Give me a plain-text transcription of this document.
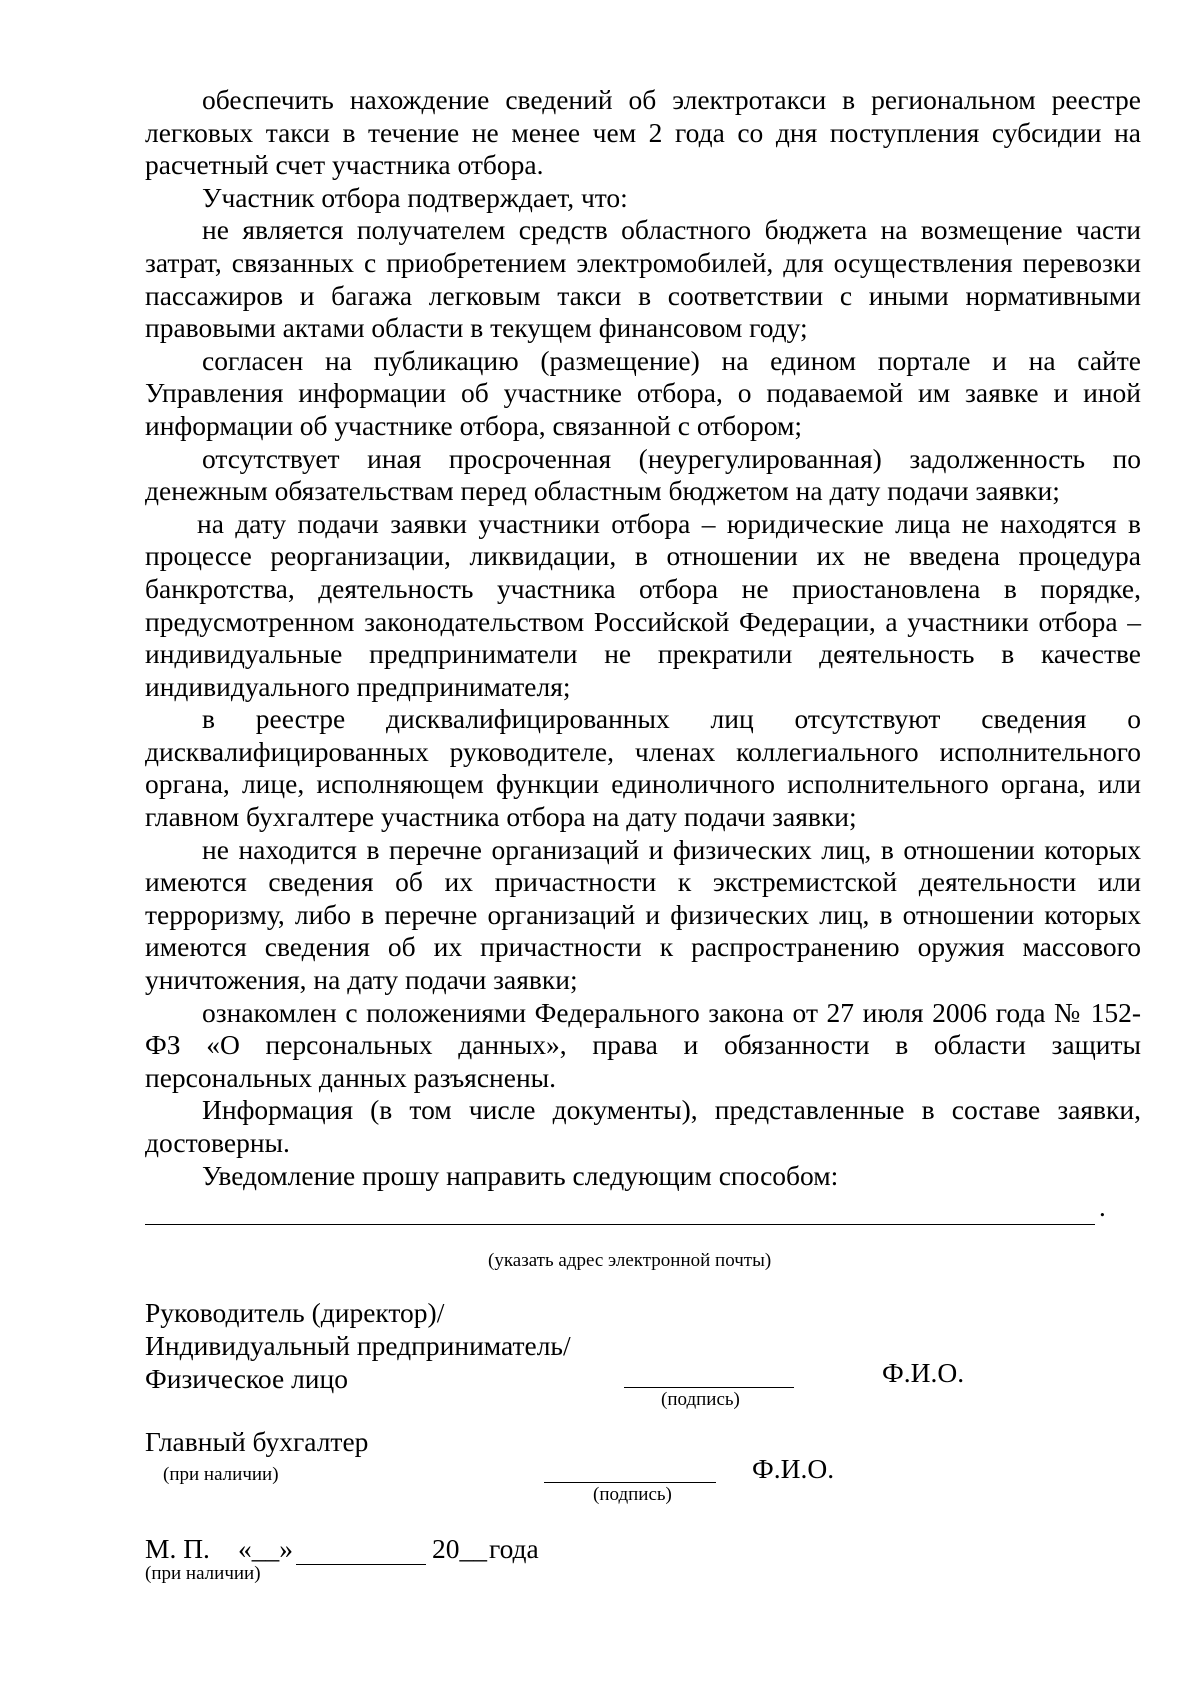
обеспечить нахождение сведений об электротакси в региональном реестре легковых такси в течение не менее чем 2 года со дня поступления субсидии на расчетный счет участника отбора.

Участник отбора подтверждает, что:

не является получателем средств областного бюджета на возмещение части затрат, связанных с приобретением электромобилей, для осуществления перевозки пассажиров и багажа легковым такси в соответствии с иными нормативными правовыми актами области в текущем финансовом году;

согласен на публикацию (размещение) на едином портале и на сайте Управления информации об участнике отбора, о подаваемой им заявке и иной информации об участнике отбора, связанной с отбором;

отсутствует иная просроченная (неурегулированная) задолженность по денежным обязательствам перед областным бюджетом на дату подачи заявки;

на дату подачи заявки участники отбора – юридические лица не находятся в процессе реорганизации, ликвидации, в отношении их не введена процедура банкротства, деятельность участника отбора не приостановлена в порядке, предусмотренном законодательством Российской Федерации, а участники отбора – индивидуальные предприниматели не прекратили деятельность в качестве индивидуального предпринимателя;

в реестре дисквалифицированных лиц отсутствуют сведения о дисквалифицированных руководителе, членах коллегиального исполнительного органа, лице, исполняющем функции единоличного исполнительного органа, или главном бухгалтере участника отбора на дату подачи заявки;

не находится в перечне организаций и физических лиц, в отношении которых имеются сведения об их причастности к экстремистской деятельности или терроризму, либо в перечне организаций и физических лиц, в отношении которых имеются сведения об их причастности к распространению оружия массового уничтожения, на дату подачи заявки;

ознакомлен с положениями Федерального закона от 27 июля 2006 года № 152-ФЗ «О персональных данных», права и обязанности в области защиты персональных данных разъяснены.

Информация (в том числе документы), представленные в составе заявки, достоверны.

Уведомление прошу направить следующим способом:

.
(указать адрес электронной почты)
Руководитель (директор)/
Индивидуальный предприниматель/
Физическое лицо
(подпись)
Ф.И.О.
Главный бухгалтер
(при наличии)
(подпись)
Ф.И.О.
М. П. «__»	20__ года
(при наличии)
